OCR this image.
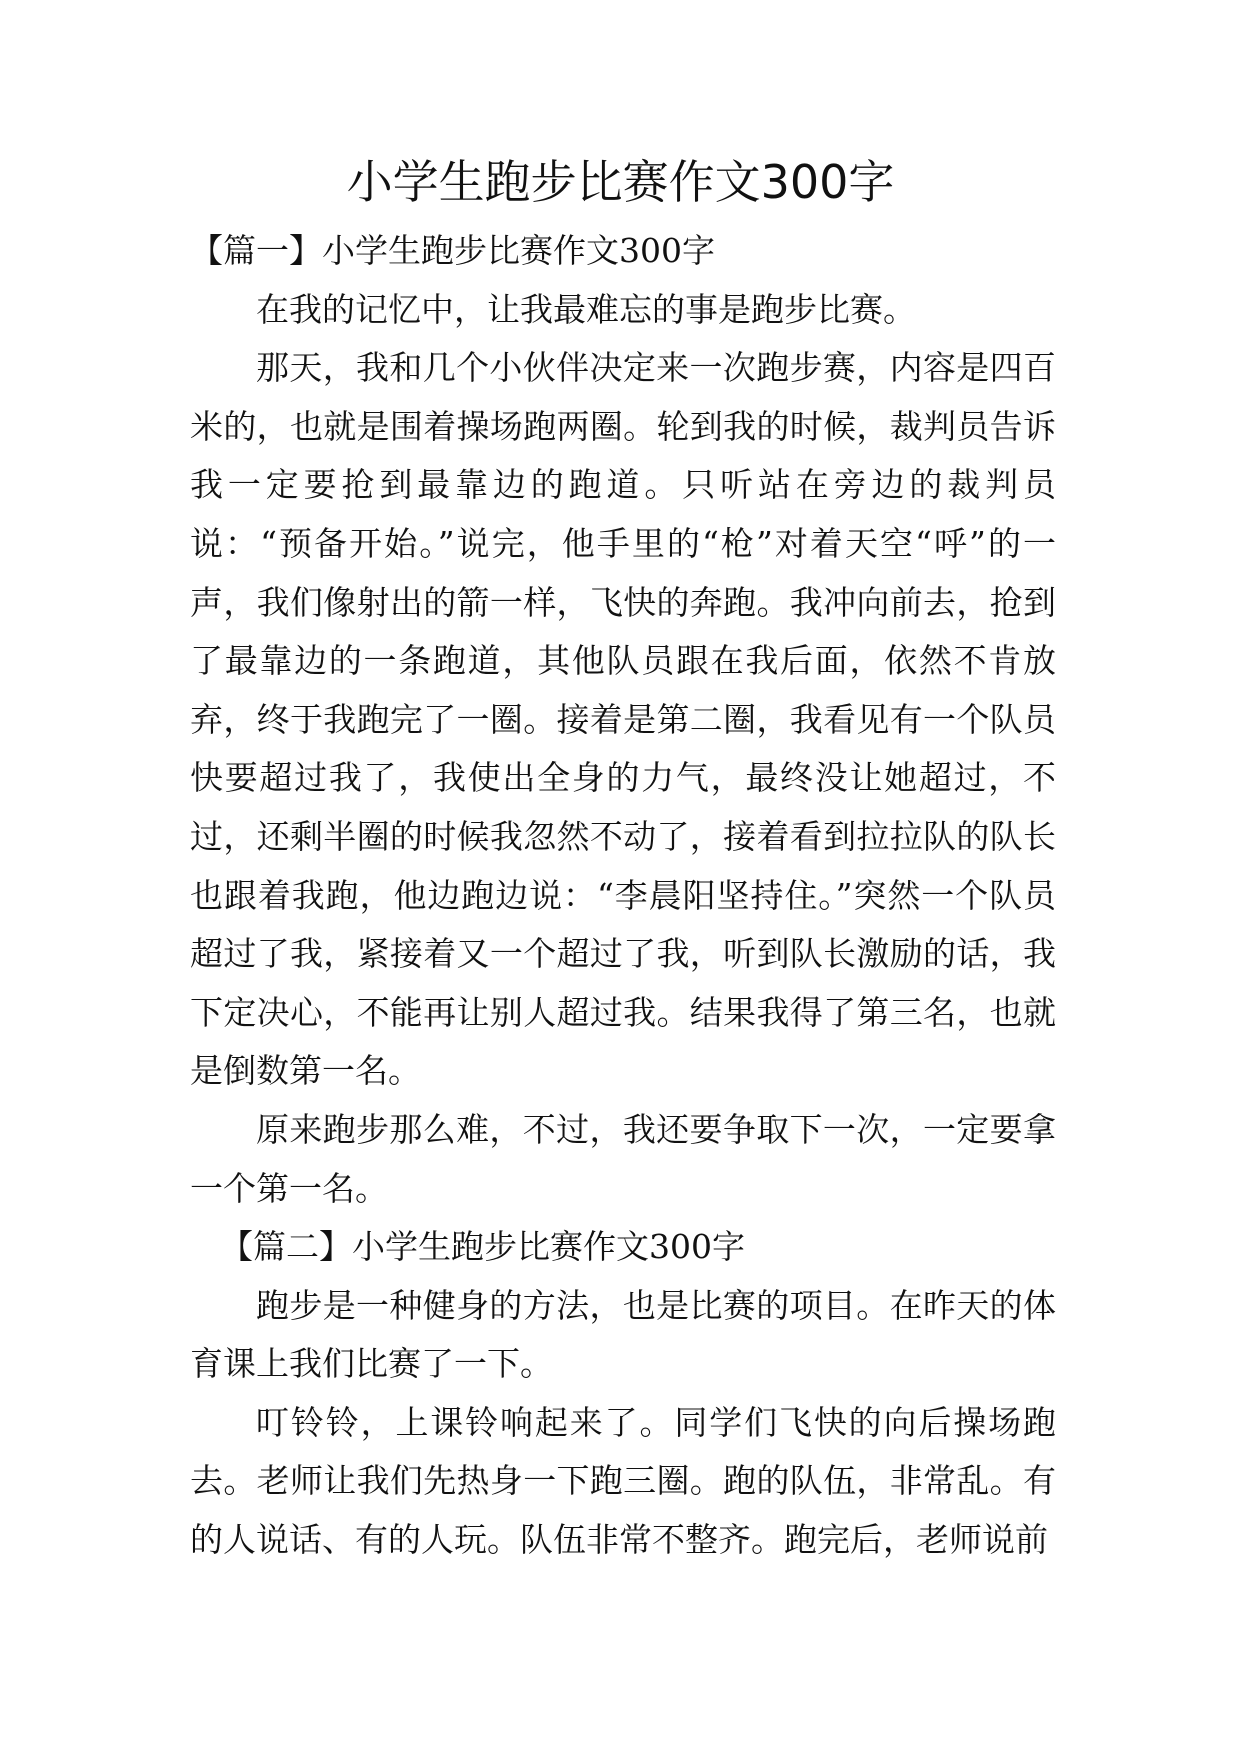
小学生跑步比赛作文300字

【篇一】小学生跑步比赛作文300字

在我的记忆中，让我最难忘的事是跑步比赛。

那天，我和几个小伙伴决定来一次跑步赛，内容是四百米的，也就是围着操场跑两圈。轮到我的时候，裁判员告诉我一定要抢到最靠边的跑道。只听站在旁边的裁判员说：“预备开始。”说完，他手里的“枪”对着天空“呼”的一声，我们像射出的箭一样，飞快的奔跑。我冲向前去，抢到了最靠边的一条跑道，其他队员跟在我后面，依然不肯放弃，终于我跑完了一圈。接着是第二圈，我看见有一个队员快要超过我了，我使出全身的力气，最终没让她超过，不过，还剩半圈的时候我忽然不动了，接着看到拉拉队的队长也跟着我跑，他边跑边说：“李晨阳坚持住。”突然一个队员超过了我，紧接着又一个超过了我，听到队长激励的话，我下定决心，不能再让别人超过我。结果我得了第三名，也就是倒数第一名。

原来跑步那么难，不过，我还要争取下一次，一定要拿一个第一名。

【篇二】小学生跑步比赛作文300字

跑步是一种健身的方法，也是比赛的项目。在昨天的体育课上我们比赛了一下。

叮铃铃，上课铃响起来了。同学们飞快的向后操场跑去。老师让我们先热身一下跑三圈。跑的队伍，非常乱。有的人说话、有的人玩。队伍非常不整齐。跑完后，老师说前
